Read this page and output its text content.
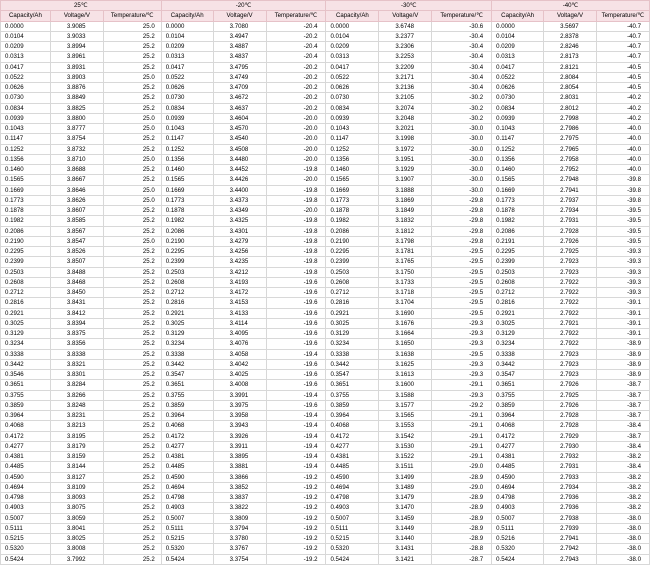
25℃			-20℃			-30℃			-40℃		
Capacity/Ah	Voltage/V	Temperature/℃	Capacity/Ah	Voltage/V	Temperature/℃	Capacity/Ah	Voltage/V	Temperature/℃	Capacity/Ah	Voltage/V	Temperature/℃
0.0000	3.9085	25.0	0.0000	3.7080	-20.4	0.0000	3.6748	-30.6	0.0000	3.5697	-40.7
0.0104	3.9033	25.2	0.0104	3.4947	-20.2	0.0104	3.2377	-30.4	0.0104	2.8378	-40.7
0.0209	3.8994	25.2	0.0209	3.4887	-20.4	0.0209	3.2306	-30.4	0.0209	2.8246	-40.7
0.0313	3.8961	25.2	0.0313	3.4837	-20.4	0.0313	3.2253	-30.4	0.0313	2.8173	-40.7
0.0417	3.8931	25.2	0.0417	3.4795	-20.2	0.0417	3.2209	-30.4	0.0417	2.8121	-40.5
0.0522	3.8903	25.0	0.0522	3.4749	-20.2	0.0522	3.2171	-30.4	0.0522	2.8084	-40.5
0.0626	3.8876	25.2	0.0626	3.4709	-20.2	0.0626	3.2136	-30.4	0.0626	2.8054	-40.5
0.0730	3.8849	25.2	0.0730	3.4672	-20.2	0.0730	3.2105	-30.2	0.0730	2.8031	-40.2
0.0834	3.8825	25.2	0.0834	3.4637	-20.2	0.0834	3.2074	-30.2	0.0834	2.8012	-40.2
0.0939	3.8800	25.0	0.0939	3.4604	-20.0	0.0939	3.2048	-30.2	0.0939	2.7998	-40.2
0.1043	3.8777	25.0	0.1043	3.4570	-20.0	0.1043	3.2021	-30.0	0.1043	2.7986	-40.0
0.1147	3.8754	25.2	0.1147	3.4540	-20.0	0.1147	3.1998	-30.0	0.1147	2.7975	-40.0
0.1252	3.8732	25.2	0.1252	3.4508	-20.0	0.1252	3.1972	-30.0	0.1252	2.7965	-40.0
0.1356	3.8710	25.0	0.1356	3.4480	-20.0	0.1356	3.1951	-30.0	0.1356	2.7958	-40.0
0.1460	3.8688	25.2	0.1460	3.4452	-19.8	0.1460	3.1929	-30.0	0.1460	2.7952	-40.0
0.1565	3.8667	25.2	0.1565	3.4426	-20.0	0.1565	3.1907	-30.0	0.1565	2.7948	-39.8
0.1669	3.8646	25.0	0.1669	3.4400	-19.8	0.1669	3.1888	-30.0	0.1669	2.7941	-39.8
0.1773	3.8626	25.0	0.1773	3.4373	-19.8	0.1773	3.1869	-29.8	0.1773	2.7937	-39.8
0.1878	3.8607	25.2	0.1878	3.4349	-20.0	0.1878	3.1849	-29.8	0.1878	2.7934	-39.5
0.1982	3.8585	25.2	0.1982	3.4325	-19.8	0.1982	3.1832	-29.8	0.1982	2.7931	-39.5
0.2086	3.8567	25.2	0.2086	3.4301	-19.8	0.2086	3.1812	-29.8	0.2086	2.7928	-39.5
0.2190	3.8547	25.0	0.2190	3.4279	-19.8	0.2190	3.1798	-29.8	0.2191	2.7926	-39.5
0.2295	3.8526	25.2	0.2295	3.4256	-19.8	0.2295	3.1781	-29.5	0.2295	2.7925	-39.3
0.2399	3.8507	25.2	0.2399	3.4235	-19.8	0.2399	3.1765	-29.5	0.2399	2.7923	-39.3
0.2503	3.8488	25.2	0.2503	3.4212	-19.8	0.2503	3.1750	-29.5	0.2503	2.7923	-39.3
0.2608	3.8468	25.2	0.2608	3.4193	-19.6	0.2608	3.1733	-29.5	0.2608	2.7922	-39.3
0.2712	3.8450	25.2	0.2712	3.4172	-19.6	0.2712	3.1718	-29.5	0.2712	2.7922	-39.3
0.2816	3.8431	25.2	0.2816	3.4153	-19.6	0.2816	3.1704	-29.5	0.2816	2.7922	-39.1
0.2921	3.8412	25.2	0.2921	3.4133	-19.6	0.2921	3.1690	-29.5	0.2921	2.7922	-39.1
0.3025	3.8394	25.2	0.3025	3.4114	-19.6	0.3025	3.1676	-29.3	0.3025	2.7921	-39.1
0.3129	3.8375	25.2	0.3129	3.4095	-19.6	0.3129	3.1664	-29.3	0.3129	2.7922	-39.1
0.3234	3.8356	25.2	0.3234	3.4076	-19.6	0.3234	3.1650	-29.3	0.3234	2.7922	-38.9
0.3338	3.8338	25.2	0.3338	3.4058	-19.4	0.3338	3.1638	-29.5	0.3338	2.7923	-38.9
0.3442	3.8321	25.2	0.3442	3.4042	-19.6	0.3442	3.1625	-29.3	0.3442	2.7923	-38.9
0.3546	3.8301	25.2	0.3547	3.4025	-19.6	0.3547	3.1613	-29.3	0.3547	2.7923	-38.9
0.3651	3.8284	25.2	0.3651	3.4008	-19.6	0.3651	3.1600	-29.1	0.3651	2.7926	-38.7
0.3755	3.8266	25.2	0.3755	3.3991	-19.4	0.3755	3.1588	-29.3	0.3755	2.7925	-38.7
0.3859	3.8248	25.2	0.3859	3.3975	-19.6	0.3859	3.1577	-29.2	0.3859	2.7926	-38.7
0.3964	3.8231	25.2	0.3964	3.3958	-19.4	0.3964	3.1565	-29.1	0.3964	2.7928	-38.7
0.4068	3.8213	25.2	0.4068	3.3943	-19.4	0.4068	3.1553	-29.1	0.4068	2.7928	-38.4
0.4172	3.8195	25.2	0.4172	3.3926	-19.4	0.4172	3.1542	-29.1	0.4172	2.7929	-38.7
0.4277	3.8179	25.2	0.4277	3.3911	-19.4	0.4277	3.1530	-29.1	0.4277	2.7930	-38.4
0.4381	3.8159	25.2	0.4381	3.3895	-19.4	0.4381	3.1522	-29.1	0.4381	2.7932	-38.2
0.4485	3.8144	25.2	0.4485	3.3881	-19.4	0.4485	3.1511	-29.0	0.4485	2.7931	-38.4
0.4590	3.8127	25.2	0.4590	3.3866	-19.2	0.4590	3.1499	-28.9	0.4590	2.7933	-38.2
0.4694	3.8109	25.2	0.4694	3.3852	-19.2	0.4694	3.1489	-29.0	0.4694	2.7934	-38.2
0.4798	3.8093	25.2	0.4798	3.3837	-19.2	0.4798	3.1479	-28.9	0.4798	2.7936	-38.2
0.4903	3.8075	25.2	0.4903	3.3822	-19.2	0.4903	3.1470	-28.9	0.4903	2.7936	-38.2
0.5007	3.8059	25.2	0.5007	3.3809	-19.2	0.5007	3.1459	-28.9	0.5007	2.7938	-38.0
0.5111	3.8041	25.2	0.5111	3.3794	-19.2	0.5111	3.1449	-28.9	0.5111	2.7939	-38.0
0.5215	3.8025	25.2	0.5215	3.3780	-19.2	0.5215	3.1440	-28.9	0.5216	2.7941	-38.0
0.5320	3.8008	25.2	0.5320	3.3767	-19.2	0.5320	3.1431	-28.8	0.5320	2.7942	-38.0
0.5424	3.7992	25.2	0.5424	3.3754	-19.2	0.5424	3.1421	-28.7	0.5424	2.7943	-38.0
